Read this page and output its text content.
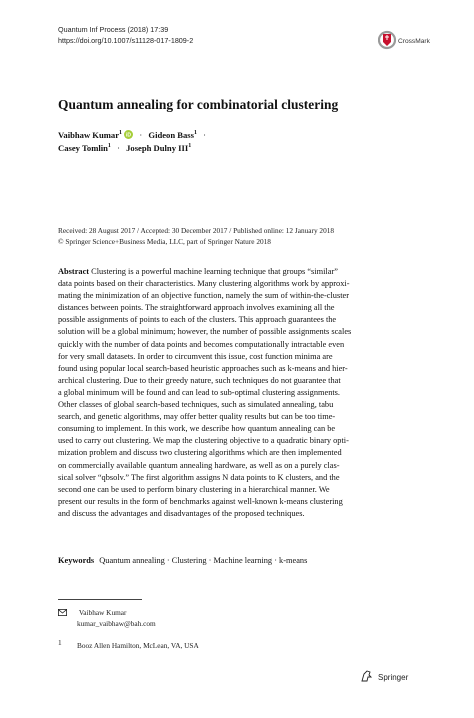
Quantum Inf Process (2018) 17:39
https://doi.org/10.1007/s11128-017-1809-2	CrossMark
Quantum annealing for combinatorial clustering
Vaibhaw Kumar$^1$ iD · Gideon Bass$^1$ ·
Casey Tomlin$^1$ · Joseph Dulny III$^1$
Received: 28 August 2017 / Accepted: 30 December 2017 / Published online: 12 January 2018
© Springer Science+Business Media, LLC, part of Springer Nature 2018
Abstract Clustering is a powerful machine learning technique that groups “similar”
data points based on their characteristics. Many clustering algorithms work by approxi-
mating the minimization of an objective function, namely the sum of within-the-cluster
distances between points. The straightforward approach involves examining all the
possible assignments of points to each of the clusters. This approach guarantees the
solution will be a global minimum; however, the number of possible assignments scales
quickly with the number of data points and becomes computationally intractable even
for very small datasets. In order to circumvent this issue, cost function minima are
found using popular local search-based heuristic approaches such as k-means and hier-
archical clustering. Due to their greedy nature, such techniques do not guarantee that
a global minimum will be found and can lead to sub-optimal clustering assignments.
Other classes of global search-based techniques, such as simulated annealing, tabu
search, and genetic algorithms, may offer better quality results but can be too time-
consuming to implement. In this work, we describe how quantum annealing can be
used to carry out clustering. We map the clustering objective to a quadratic binary opti-
mization problem and discuss two clustering algorithms which are then implemented
on commercially available quantum annealing hardware, as well as on a purely clas-
sical solver “qbsolv.” The first algorithm assigns N data points to K clusters, and the
second one can be used to perform binary clustering in a hierarchical manner. We
present our results in the form of benchmarks against well-known k-means clustering
and discuss the advantages and disadvantages of the proposed techniques.
Keywords Quantum annealing · Clustering · Machine learning · k-means
Vaibhaw Kumar
kumar_vaibhaw@bah.com
1 Booz Allen Hamilton, McLean, VA, USA
Springer
